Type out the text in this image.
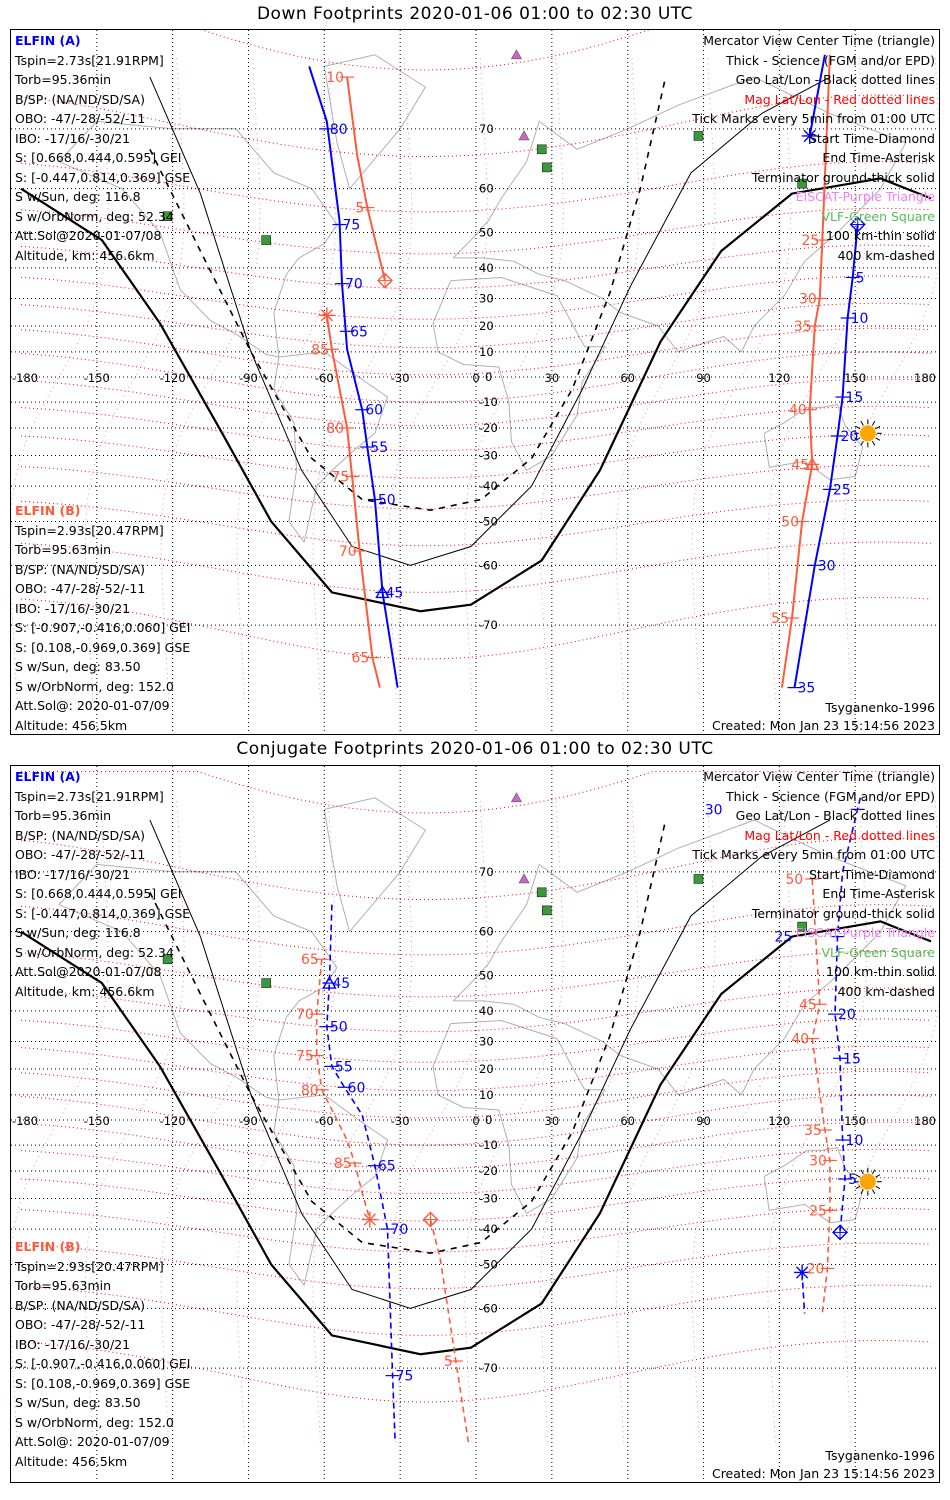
Down Footprints 2020-01-06 01:00 to 02:30 UTC
-180	-150	-120	-90	-60	-30	0	30	60	90	120	150	180
70
60
50
40
30
20
10
0
-10
-20
-30
-40
-50
-60
-70
80
75
70
65
60
55
50
45
10
5
85
80
75
70
65
5
10
15
20
25
30
35
25
30
35
40
45
50
55
ELFIN (A)
Tspin=2.73s[21.91RPM]
Torb=95.36min
B/SP: (NA/ND/SD/SA)
OBO: -47/-28/-52/-11
IBO: -17/16/-30/21
S: [0.668,0.444,0.595] GEI
S: [-0.447,0.814,0.369] GSE
S w/Sun, deg: 116.8
S w/OrbNorm, deg: 52.34
Att.Sol@2020-01-07/08
Altitude, km: 456.6km
ELFIN (B)
Tspin=2.93s[20.47RPM]
Torb=95.63min
B/SP: (NA/ND/SD/SA)
OBO: -47/-28/-52/-11
IBO: -17/16/-30/21
S: [-0.907,-0.416,0.060] GEI
S: [0.108,-0.969,0.369] GSE
S w/Sun, deg: 83.50
S w/OrbNorm, deg: 152.0
Att.Sol@: 2020-01-07/09
Altitude: 456.5km
Mercator View Center Time (triangle)
Thick - Science (FGM and/or EPD)
Geo Lat/Lon - Black dotted lines
Mag Lat/Lon - Red dotted lines
Tick Marks every 5min from 01:00 UTC
Start Time-Diamond
End Time-Asterisk
Terminator ground-thick solid
EISCAT-Purple Triangle
VLF-Green Square
100 km-thin solid
400 km-dashed
Tsyganenko-1996
Created: Mon Jan 23 15:14:56 2023
Conjugate Footprints 2020-01-06 01:00 to 02:30 UTC
-180	-150	-120	-90	-60	-30	0	30	60	90	120	150	180
70
60
50
40
30
20
10
0
-10
-20
-30
-40
-50
-60
-70
45
50
55
60
65
70
75
65
70
75
80
85
5
30
25
20
15
10
5
50
45
40
35
30
25
20
ELFIN (A)
Tspin=2.73s[21.91RPM]
Torb=95.36min
B/SP: (NA/ND/SD/SA)
OBO: -47/-28/-52/-11
IBO: -17/16/-30/21
S: [0.668,0.444,0.595] GEI
S: [-0.447,0.814,0.369] GSE
S w/Sun, deg: 116.8
S w/OrbNorm, deg: 52.34
Att.Sol@2020-01-07/08
Altitude, km: 456.6km
ELFIN (B)
Tspin=2.93s[20.47RPM]
Torb=95.63min
B/SP: (NA/ND/SD/SA)
OBO: -47/-28/-52/-11
IBO: -17/16/-30/21
S: [-0.907,-0.416,0.060] GEI
S: [0.108,-0.969,0.369] GSE
S w/Sun, deg: 83.50
S w/OrbNorm, deg: 152.0
Att.Sol@: 2020-01-07/09
Altitude: 456.5km
Mercator View Center Time (triangle)
Thick - Science (FGM and/or EPD)
Geo Lat/Lon - Black dotted lines
Mag Lat/Lon - Red dotted lines
Tick Marks every 5min from 01:00 UTC
Start Time-Diamond
End Time-Asterisk
Terminator ground-thick solid
EISCAT-Purple Triangle
VLF-Green Square
100 km-thin solid
400 km-dashed
Tsyganenko-1996
Created: Mon Jan 23 15:14:56 2023
